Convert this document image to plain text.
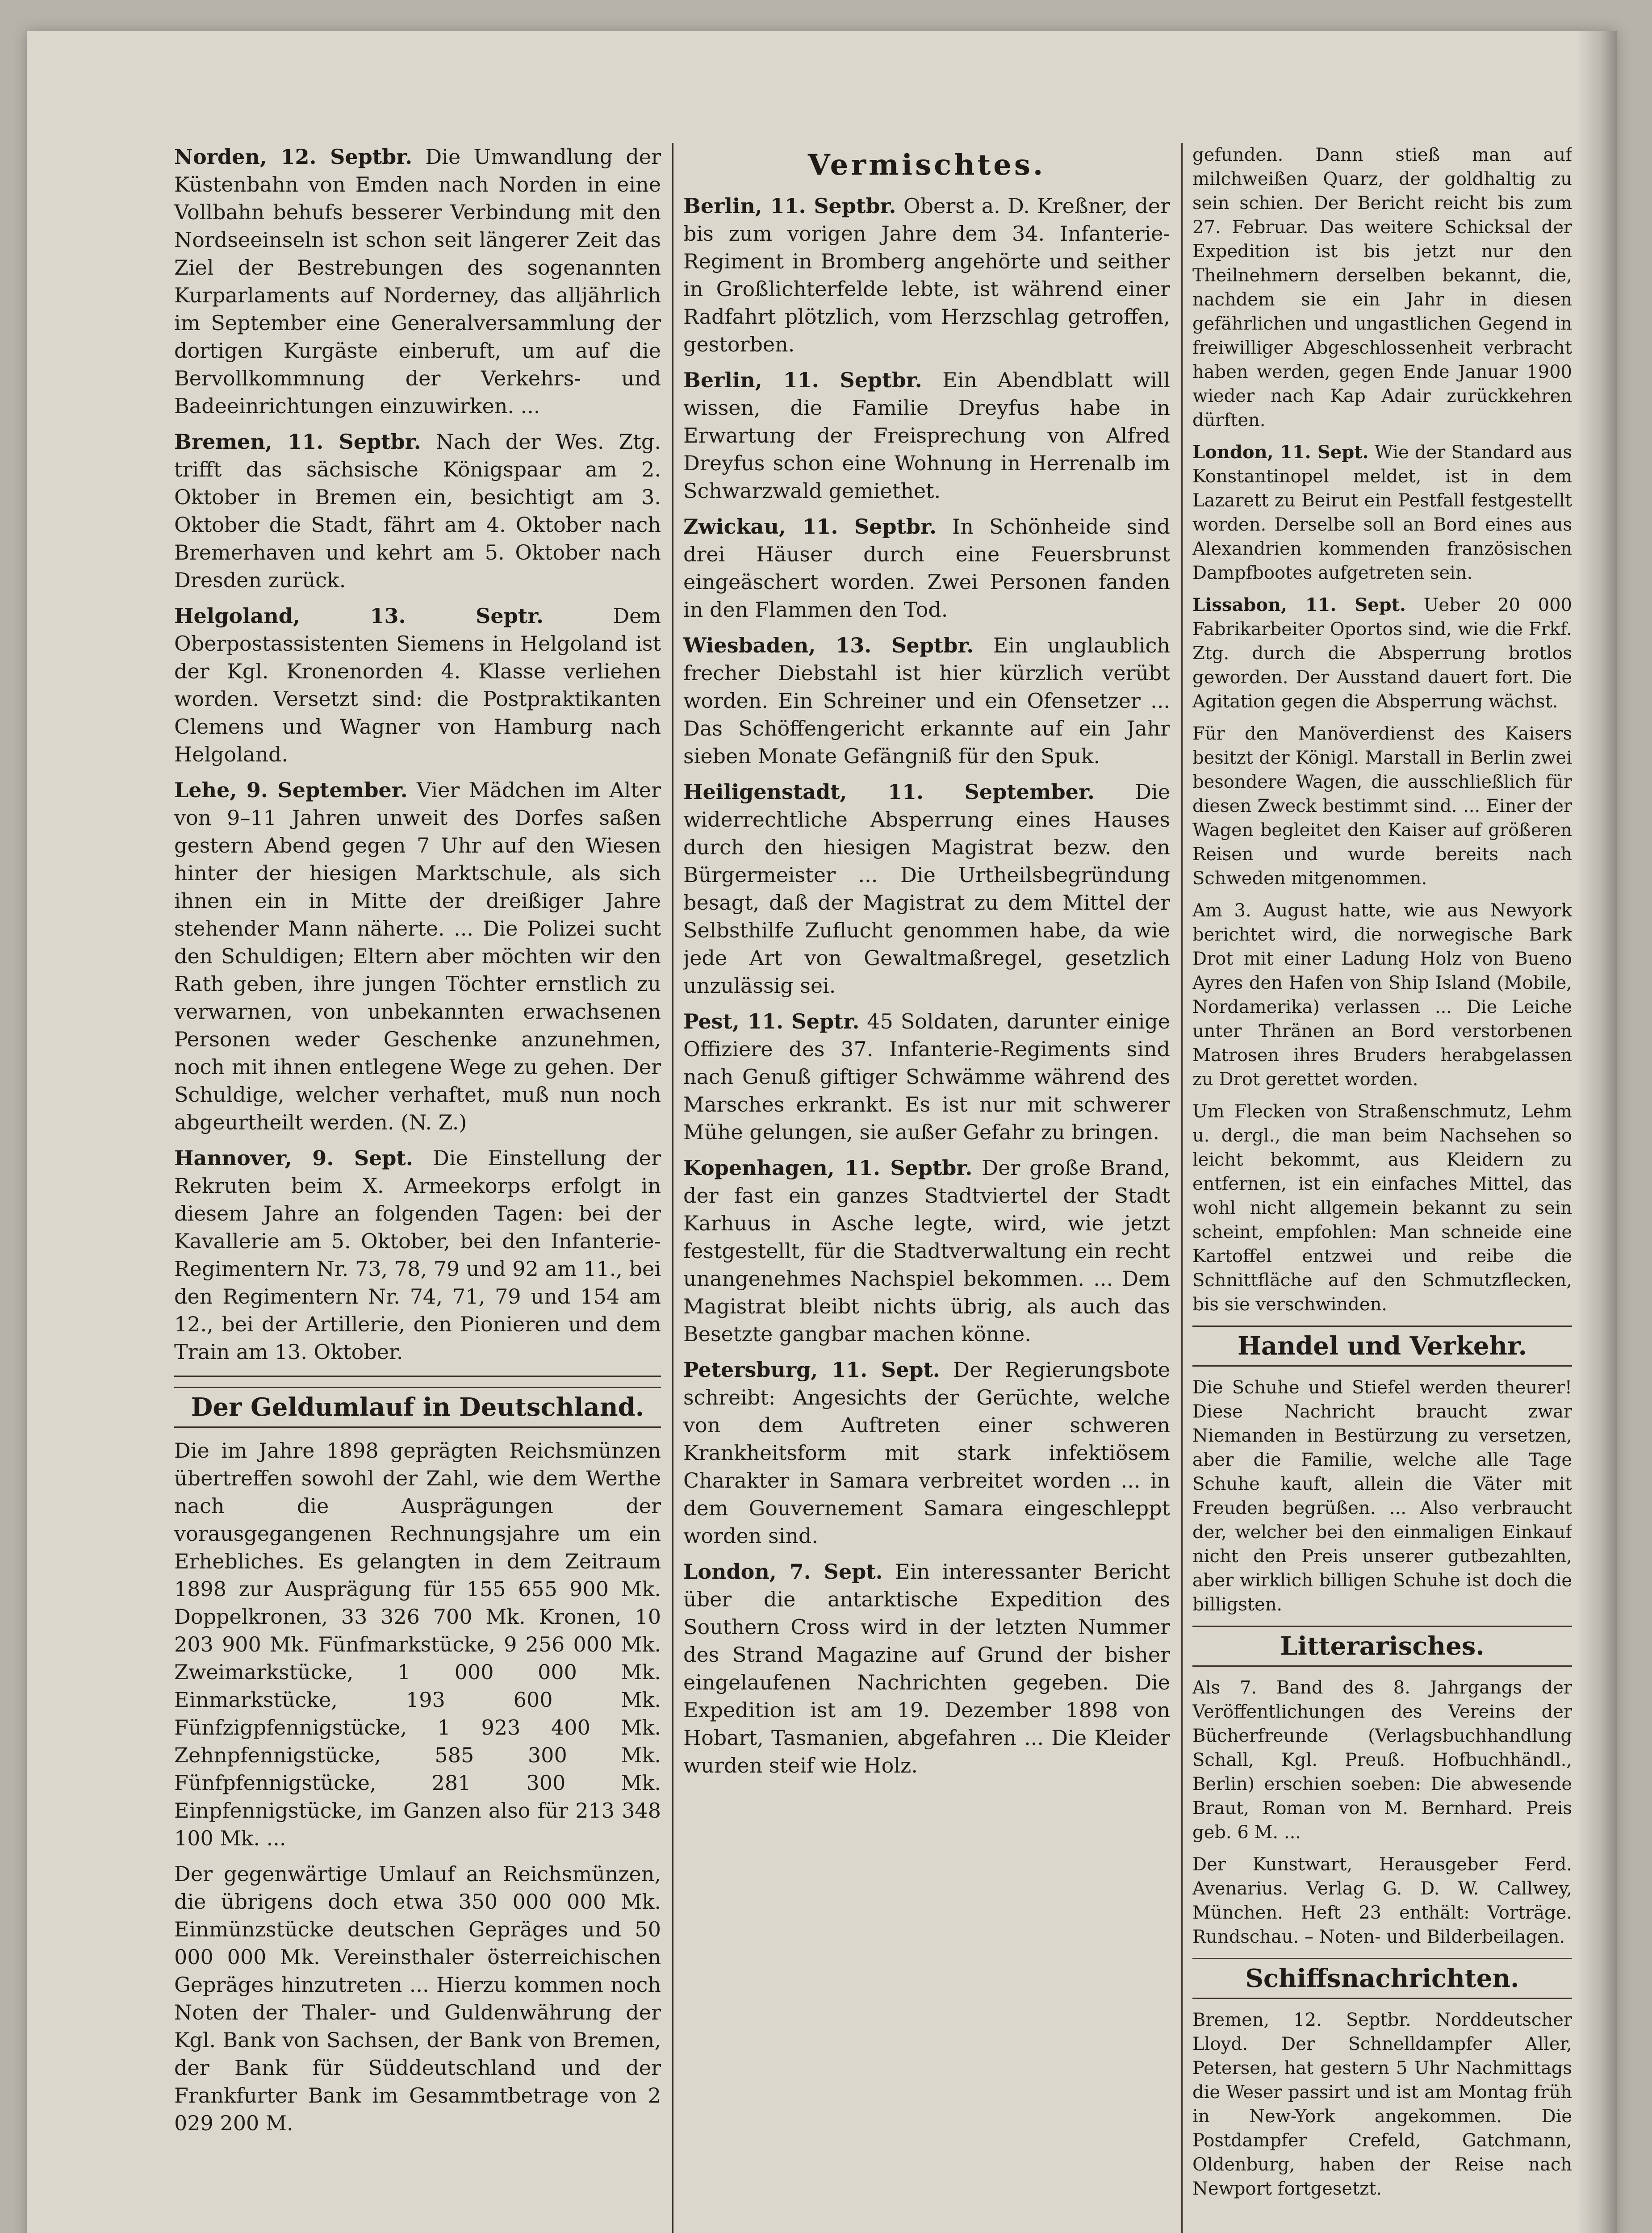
Norden, 12. Septbr. Die Umwandlung der Küstenbahn von Emden nach Norden in eine Vollbahn behufs besserer Verbindung mit den Nordseeinseln ist schon seit längerer Zeit das Ziel der Bestrebungen des sogenannten Kurparlaments auf Norderney, das alljährlich im September eine Generalversammlung der dortigen Kurgäste einberuft, um auf die Bervollkommnung der Verkehrs- und Badeeinrichtungen einzuwirken. ...

Bremen, 11. Septbr. Nach der Wes. Ztg. trifft das sächsische Königspaar am 2. Oktober in Bremen ein, besichtigt am 3. Oktober die Stadt, fährt am 4. Oktober nach Bremerhaven und kehrt am 5. Oktober nach Dresden zurück.

Helgoland, 13. Septr.	Dem Oberpostassistenten Siemens in Helgoland ist der Kgl. Kronenorden 4. Klasse verliehen worden. Versetzt sind: die Postpraktikanten Clemens und Wagner von Hamburg nach Helgoland.

Lehe, 9. September. Vier Mädchen im Alter von 9–11 Jahren unweit des Dorfes saßen gestern Abend gegen 7 Uhr auf den Wiesen hinter der hiesigen Marktschule, als sich ihnen ein in Mitte der dreißiger Jahre stehender Mann näherte. ... Die Polizei sucht den Schuldigen; Eltern aber möchten wir den Rath geben, ihre jungen Töchter ernstlich zu verwarnen, von unbekannten erwachsenen Personen weder Geschenke anzunehmen, noch mit ihnen entlegene Wege zu gehen. Der Schuldige, welcher verhaftet, muß nun noch abgeurtheilt werden. (N. Z.)

Hannover, 9. Sept. Die Einstellung der Rekruten beim X. Armeekorps erfolgt in diesem Jahre an folgenden Tagen: bei der Kavallerie am 5. Oktober, bei den Infanterie-Regimentern Nr. 73, 78, 79 und 92 am 11., bei den Regimentern Nr. 74, 71, 79 und 154 am 12., bei der Artillerie, den Pionieren und dem Train am 13. Oktober.

Der Geldumlauf in Deutschland.

Die im Jahre 1898 geprägten Reichsmünzen übertreffen sowohl der Zahl, wie dem Werthe nach die Ausprägungen der vorausgegangenen Rechnungsjahre um ein Erhebliches. Es gelangten in dem Zeitraum 1898 zur Ausprägung für 155 655 900 Mk. Doppelkronen, 33 326 700 Mk. Kronen, 10 203 900 Mk. Fünfmarkstücke, 9 256 000 Mk. Zweimarkstücke, 1 000 000 Mk. Einmarkstücke, 193 600 Mk. Fünfzigpfennigstücke, 1 923 400 Mk. Zehnpfennigstücke, 585 300 Mk. Fünfpfennigstücke, 281 300 Mk. Einpfennigstücke, im Ganzen also für 213 348 100 Mk. ...

Der gegenwärtige Umlauf an Reichsmünzen, die übrigens doch etwa 350 000 000 Mk. Einmünzstücke deutschen Gepräges und 50 000 000 Mk. Vereinsthaler österreichischen Gepräges hinzutreten ... Hierzu kommen noch Noten der Thaler- und Guldenwährung der Kgl. Bank von Sachsen, der Bank von Bremen, der Bank für Süddeutschland und der Frankfurter Bank im Gesammtbetrage von 2 029 200 M.

Vermischtes.

Berlin, 11. Septbr. Oberst a. D. Kreßner, der bis zum vorigen Jahre dem 34. Infanterie-Regiment in Bromberg angehörte und seither in Großlichterfelde lebte, ist während einer Radfahrt plötzlich, vom Herzschlag getroffen, gestorben.

Berlin, 11. Septbr. Ein Abendblatt will wissen, die Familie Dreyfus habe in Erwartung der Freisprechung von Alfred Dreyfus schon eine Wohnung in Herrenalb im Schwarzwald gemiethet.

Zwickau, 11. Septbr. In Schönheide sind drei Häuser durch eine Feuersbrunst eingeäschert worden. Zwei Personen fanden in den Flammen den Tod.

Wiesbaden, 13. Septbr. Ein unglaublich frecher Diebstahl ist hier kürzlich verübt worden. Ein Schreiner und ein Ofensetzer ... Das Schöffengericht erkannte auf ein Jahr sieben Monate Gefängniß für den Spuk.

Heiligenstadt, 11. September. Die widerrechtliche Absperrung eines Hauses durch den hiesigen Magistrat bezw. den Bürgermeister ... Die Urtheilsbegründung besagt, daß der Magistrat zu dem Mittel der Selbsthilfe Zuflucht genommen habe, da wie jede Art von Gewaltmaßregel, gesetzlich unzulässig sei.

Pest, 11. Septr. 45 Soldaten, darunter einige Offiziere des 37. Infanterie-Regiments sind nach Genuß giftiger Schwämme während des Marsches erkrankt. Es ist nur mit schwerer Mühe gelungen, sie außer Gefahr zu bringen.

Kopenhagen, 11. Septbr. Der große Brand, der fast ein ganzes Stadtviertel der Stadt Karhuus in Asche legte, wird, wie jetzt festgestellt, für die Stadtverwaltung ein recht unangenehmes Nachspiel bekommen. ... Dem Magistrat bleibt nichts übrig, als auch das Besetzte gangbar machen könne.

Petersburg, 11. Sept. Der Regierungsbote schreibt: Angesichts der Gerüchte, welche von dem Auftreten einer schweren Krankheitsform mit stark infektiösem Charakter in Samara verbreitet worden ... in dem Gouvernement Samara eingeschleppt worden sind.

London, 7. Sept. Ein interessanter Bericht über die antarktische Expedition des Southern Cross wird in der letzten Nummer des Strand Magazine auf Grund der bisher eingelaufenen Nachrichten gegeben. Die Expedition ist am 19. Dezember 1898 von Hobart, Tasmanien, abgefahren ... Die Kleider wurden steif wie Holz.

gefunden. Dann stieß man auf milchweißen Quarz, der goldhaltig zu sein schien. Der Bericht reicht bis zum 27. Februar. Das weitere Schicksal der Expedition ist bis jetzt nur den Theilnehmern derselben bekannt, die, nachdem sie ein Jahr in diesen gefährlichen und ungastlichen Gegend in freiwilliger Abgeschlossenheit verbracht haben werden, gegen Ende Januar 1900 wieder nach Kap Adair zurückkehren dürften.

London, 11. Sept. Wie der Standard aus Konstantinopel meldet, ist in dem Lazarett zu Beirut ein Pestfall festgestellt worden. Derselbe soll an Bord eines aus Alexandrien kommenden französischen Dampfbootes aufgetreten sein.

Lissabon, 11. Sept. Ueber 20 000 Fabrikarbeiter Oportos sind, wie die Frkf. Ztg. durch die Absperrung brotlos geworden. Der Ausstand dauert fort. Die Agitation gegen die Absperrung wächst.

Für den Manöverdienst des Kaisers besitzt der Königl. Marstall in Berlin zwei besondere Wagen, die ausschließlich für diesen Zweck bestimmt sind. ... Einer der Wagen begleitet den Kaiser auf größeren Reisen und wurde bereits nach Schweden mitgenommen.

Am 3. August hatte, wie aus Newyork berichtet wird, die norwegische Bark Drot mit einer Ladung Holz von Bueno Ayres den Hafen von Ship Island (Mobile, Nordamerika) verlassen ... Die Leiche unter Thränen an Bord verstorbenen Matrosen ihres Bruders herabgelassen zu Drot gerettet worden.

Um Flecken von Straßenschmutz, Lehm u. dergl., die man beim Nachsehen so leicht bekommt, aus Kleidern zu entfernen, ist ein einfaches Mittel, das wohl nicht allgemein bekannt zu sein scheint, empfohlen: Man schneide eine Kartoffel entzwei und reibe die Schnittfläche auf den Schmutzflecken, bis sie verschwinden.

Handel und Verkehr.

Die Schuhe und Stiefel werden theurer! Diese Nachricht braucht zwar Niemanden in Bestürzung zu versetzen, aber die Familie, welche alle Tage Schuhe kauft, allein die Väter mit Freuden begrüßen. ... Also verbraucht der, welcher bei den einmaligen Einkauf nicht den Preis unserer gutbezahlten, aber wirklich billigen Schuhe ist doch die billigsten.

Litterarisches.

Als 7. Band des 8. Jahrgangs der Veröffentlichungen des Vereins der Bücherfreunde (Verlagsbuchhandlung Schall, Kgl. Preuß. Hofbuchhändl., Berlin) erschien soeben: Die abwesende Braut, Roman von M. Bernhard. Preis geb. 6 M. ...

Der Kunstwart, Herausgeber Ferd. Avenarius. Verlag G. D. W. Callwey, München. Heft 23 enthält: Vorträge. Rundschau. – Noten- und Bilderbeilagen.

Schiffsnachrichten.

Bremen, 12. Septbr. Norddeutscher Lloyd. Der Schnelldampfer Aller, Petersen, hat gestern 5 Uhr Nachmittags die Weser passirt und ist am Montag früh in New-York angekommen. Die Postdampfer Crefeld, Gatchmann, Oldenburg, haben der Reise nach Newport fortgesetzt.
